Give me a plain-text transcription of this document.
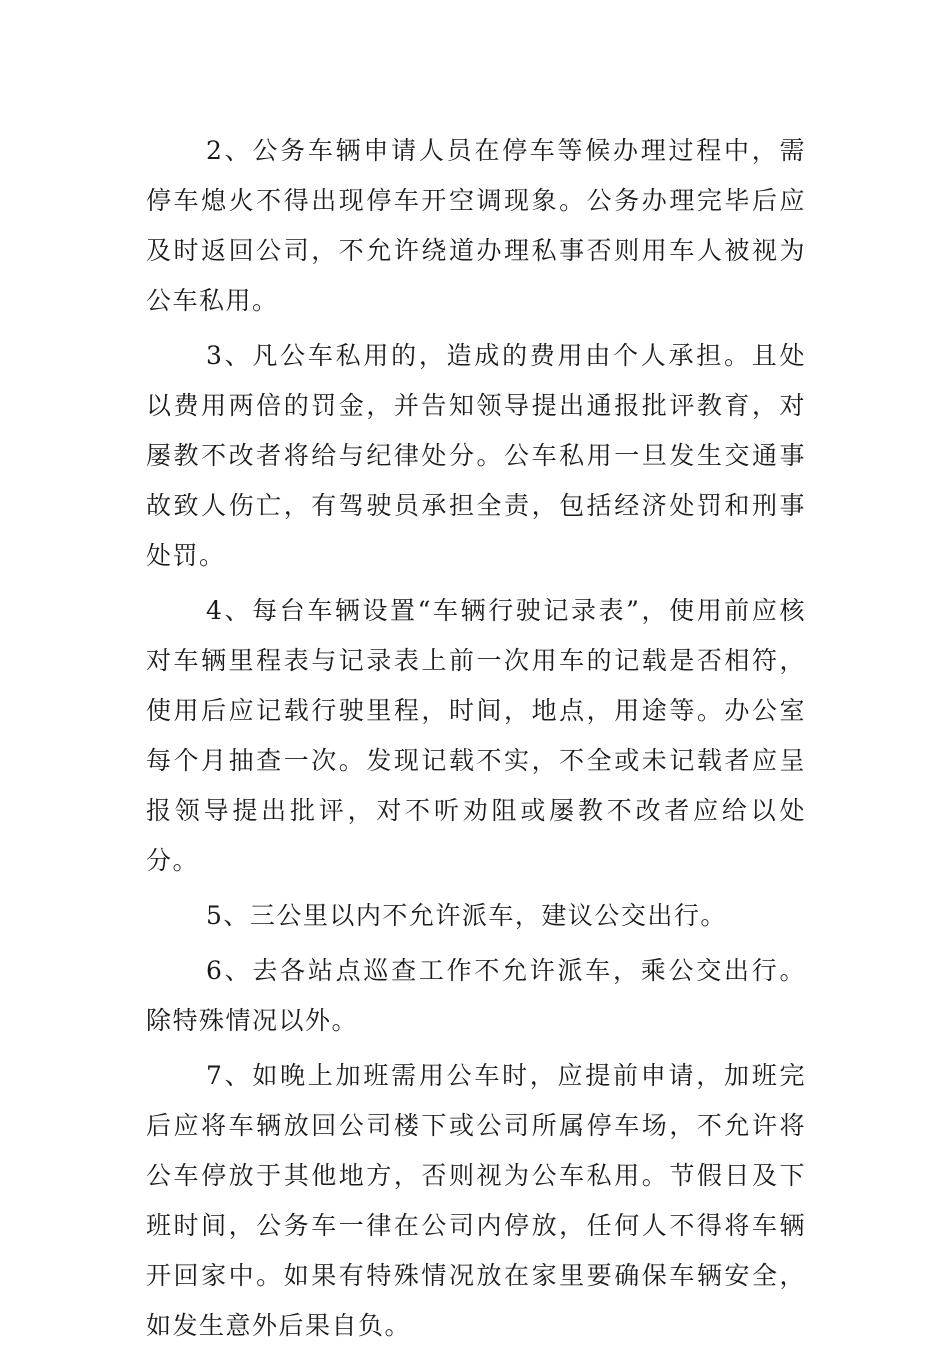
2、公务车辆申请人员在停车等候办理过程中，需停车熄火不得出现停车开空调现象。公务办理完毕后应及时返回公司，不允许绕道办理私事否则用车人被视为公车私用。

3、凡公车私用的，造成的费用由个人承担。且处以费用两倍的罚金，并告知领导提出通报批评教育，对屡教不改者将给与纪律处分。公车私用一旦发生交通事故致人伤亡，有驾驶员承担全责，包括经济处罚和刑事处罚。

4、每台车辆设置“车辆行驶记录表”，使用前应核对车辆里程表与记录表上前一次用车的记载是否相符，使用后应记载行驶里程，时间，地点，用途等。办公室每个月抽查一次。发现记载不实，不全或未记载者应呈报领导提出批评，对不听劝阻或屡教不改者应给以处分。

5、三公里以内不允许派车，建议公交出行。

6、去各站点巡查工作不允许派车，乘公交出行。除特殊情况以外。

7、如晚上加班需用公车时，应提前申请，加班完后应将车辆放回公司楼下或公司所属停车场，不允许将公车停放于其他地方，否则视为公车私用。节假日及下班时间，公务车一律在公司内停放，任何人不得将车辆开回家中。如果有特殊情况放在家里要确保车辆安全，如发生意外后果自负。
